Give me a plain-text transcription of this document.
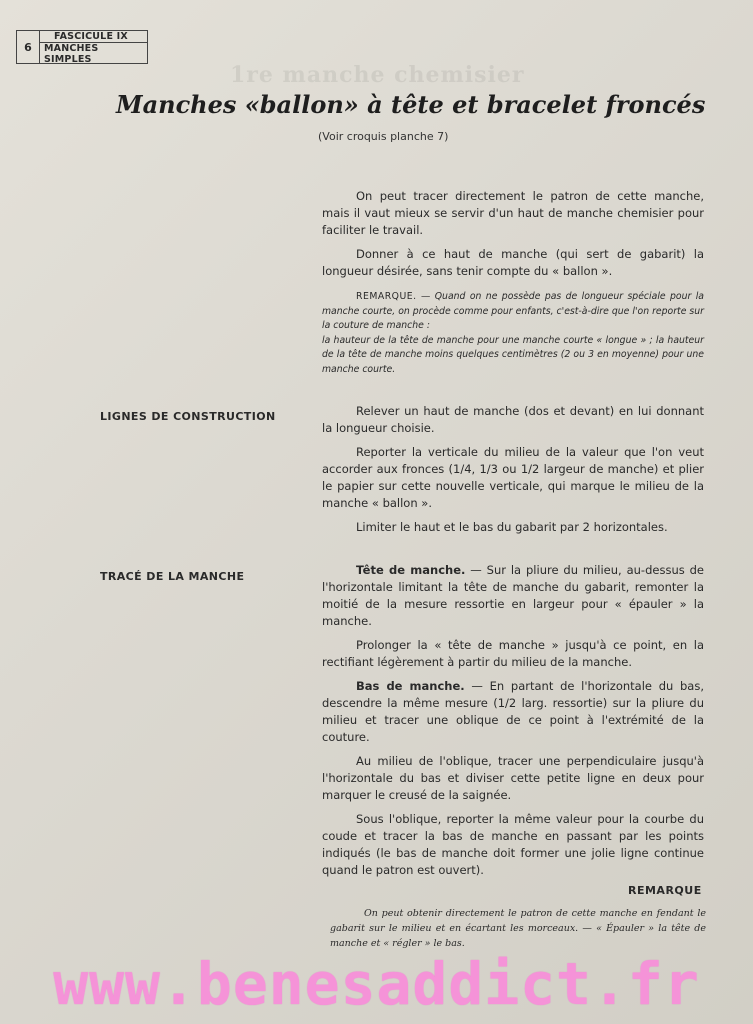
6
FASCICULE IX
MANCHES SIMPLES
1re manche chemisier
Manches «ballon» à tête et bracelet froncés
(Voir croquis planche 7)

On peut tracer directement le patron de cette manche, mais il vaut mieux se servir d'un haut de manche chemisier pour faciliter le travail.

Donner à ce haut de manche (qui sert de gabarit) la longueur désirée, sans tenir compte du « ballon ».

REMARQUE. — Quand on ne possède pas de longueur spéciale pour la manche courte, on procède comme pour enfants, c'est-à-dire que l'on reporte sur la couture de manche :
la hauteur de la tête de manche pour une manche courte « longue » ; la hauteur de la tête de manche moins quelques centimètres (2 ou 3 en moyenne) pour une manche courte.
LIGNES DE CONSTRUCTION	Relever un haut de manche (dos et devant) en lui donnant la longueur choisie.

Reporter la verticale du milieu de la valeur que l'on veut accorder aux fronces (1/4, 1/3 ou 1/2 largeur de manche) et plier le papier sur cette nouvelle verticale, qui marque le milieu de la manche « ballon ».

Limiter le haut et le bas du gabarit par 2 horizontales.

TRACÉ DE LA MANCHE	Tête de manche. — Sur la pliure du milieu, au-dessus de l'horizontale limitant la tête de manche du gabarit, remonter la moitié de la mesure ressortie en largeur pour « épauler » la manche.

Prolonger la « tête de manche » jusqu'à ce point, en la rectifiant légèrement à partir du milieu de la manche.

Bas de manche. — En partant de l'horizontale du bas, descendre la même mesure (1/2 larg. ressortie) sur la pliure du milieu et tracer une oblique de ce point à l'extrémité de la couture.

Au milieu de l'oblique, tracer une perpendiculaire jusqu'à l'horizontale du bas et diviser cette petite ligne en deux pour marquer le creusé de la saignée.

Sous l'oblique, reporter la même valeur pour la courbe du coude et tracer la bas de manche en passant par les points indiqués (le bas de manche doit former une jolie ligne continue quand le patron est ouvert).

REMARQUE
On peut obtenir directement le patron de cette manche en fendant le gabarit sur le milieu et en écartant les morceaux. — « Épauler » la tête de manche et « régler » le bas.
www.benesaddict.fr
